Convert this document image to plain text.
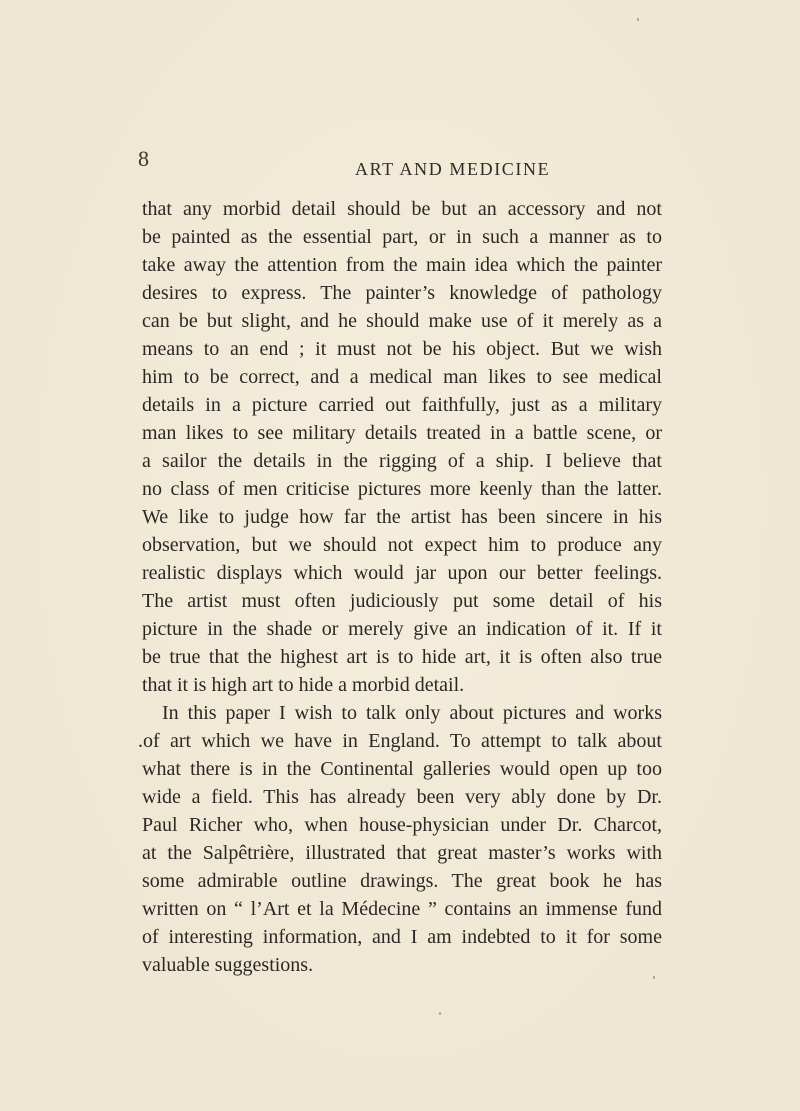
8	ART AND MEDICINE
that any morbid detail should be but an accessory and not
be painted as the essential part, or in such a manner as to
take away the attention from the main idea which the painter
desires to express. The painter’s knowledge of pathology
can be but slight, and he should make use of it merely as a
means to an end ; it must not be his object. But we wish
him to be correct, and a medical man likes to see medical
details in a picture carried out faithfully, just as a military
man likes to see military details treated in a battle scene, or
a sailor the details in the rigging of a ship. I believe that
no class of men criticise pictures more keenly than the latter.
We like to judge how far the artist has been sincere in his
observation, but we should not expect him to produce any
realistic displays which would jar upon our better feelings.
The artist must often judiciously put some detail of his
picture in the shade or merely give an indication of it. If it
be true that the highest art is to hide art, it is often also true
that it is high art to hide a morbid detail.
In this paper I wish to talk only about pictures and works
.of art which we have in England. To attempt to talk about
what there is in the Continental galleries would open up too
wide a field. This has already been very ably done by Dr.
Paul Richer who, when house-physician under Dr. Charcot,
at the Salpêtrière, illustrated that great master’s works with
some admirable outline drawings. The great book he has
written on “ l’Art et la Médecine ” contains an immense fund
of interesting information, and I am indebted to it for some
valuable suggestions.
